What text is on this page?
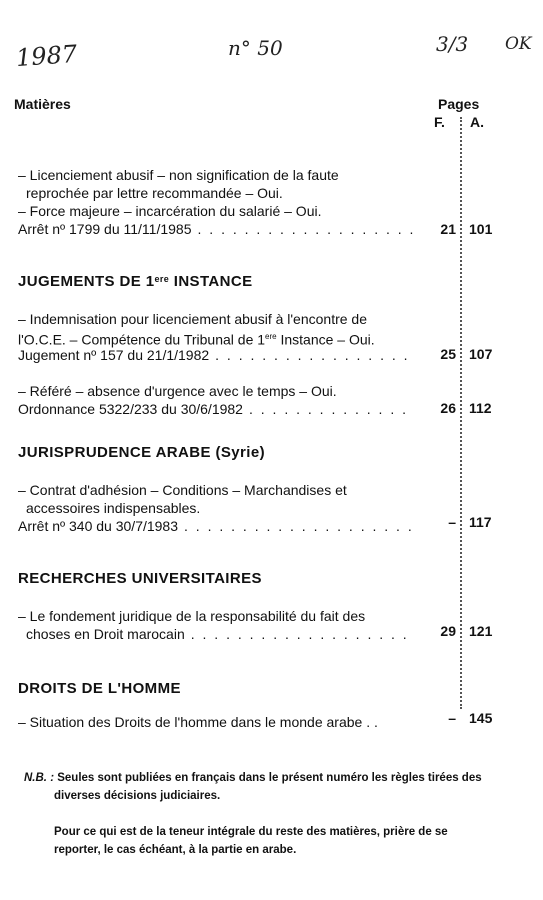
1987	n° 50	3/3 OK
Matières	Pages
F. A.
– Licenciement abusif – non signification de la faute
reprochée par lettre recommandée – Oui.
– Force majeure – incarcération du salarié – Oui.
Arrêt nº 1799 du 11/11/1985 . . .	21 101
JUGEMENTS DE 1ere INSTANCE
– Indemnisation pour licenciement abusif à l'encontre de
l'O.C.E. – Compétence du Tribunal de 1ere Instance – Oui.
Jugement nº 157 du 21/1/1982 . . .	25 107
– Référé – absence d'urgence avec le temps – Oui.
Ordonnance 5322/233 du 30/6/1982 . . .	26 112
JURISPRUDENCE ARABE (Syrie)
– Contrat d'adhésion – Conditions – Marchandises et
accessoires indispensables.
Arrêt nº 340 du 30/7/1983 . . .	– 117
RECHERCHES UNIVERSITAIRES
– Le fondement juridique de la responsabilité du fait des
choses en Droit marocain . . .	29 121
DROITS DE L'HOMME
– Situation des Droits de l'homme dans le monde arabe . .	– 145
N.B. : Seules sont publiées en français dans le présent numéro les règles tirées des
diverses décisions judiciaires.
Pour ce qui est de la teneur intégrale du reste des matières, prière de se
reporter, le cas échéant, à la partie en arabe.
